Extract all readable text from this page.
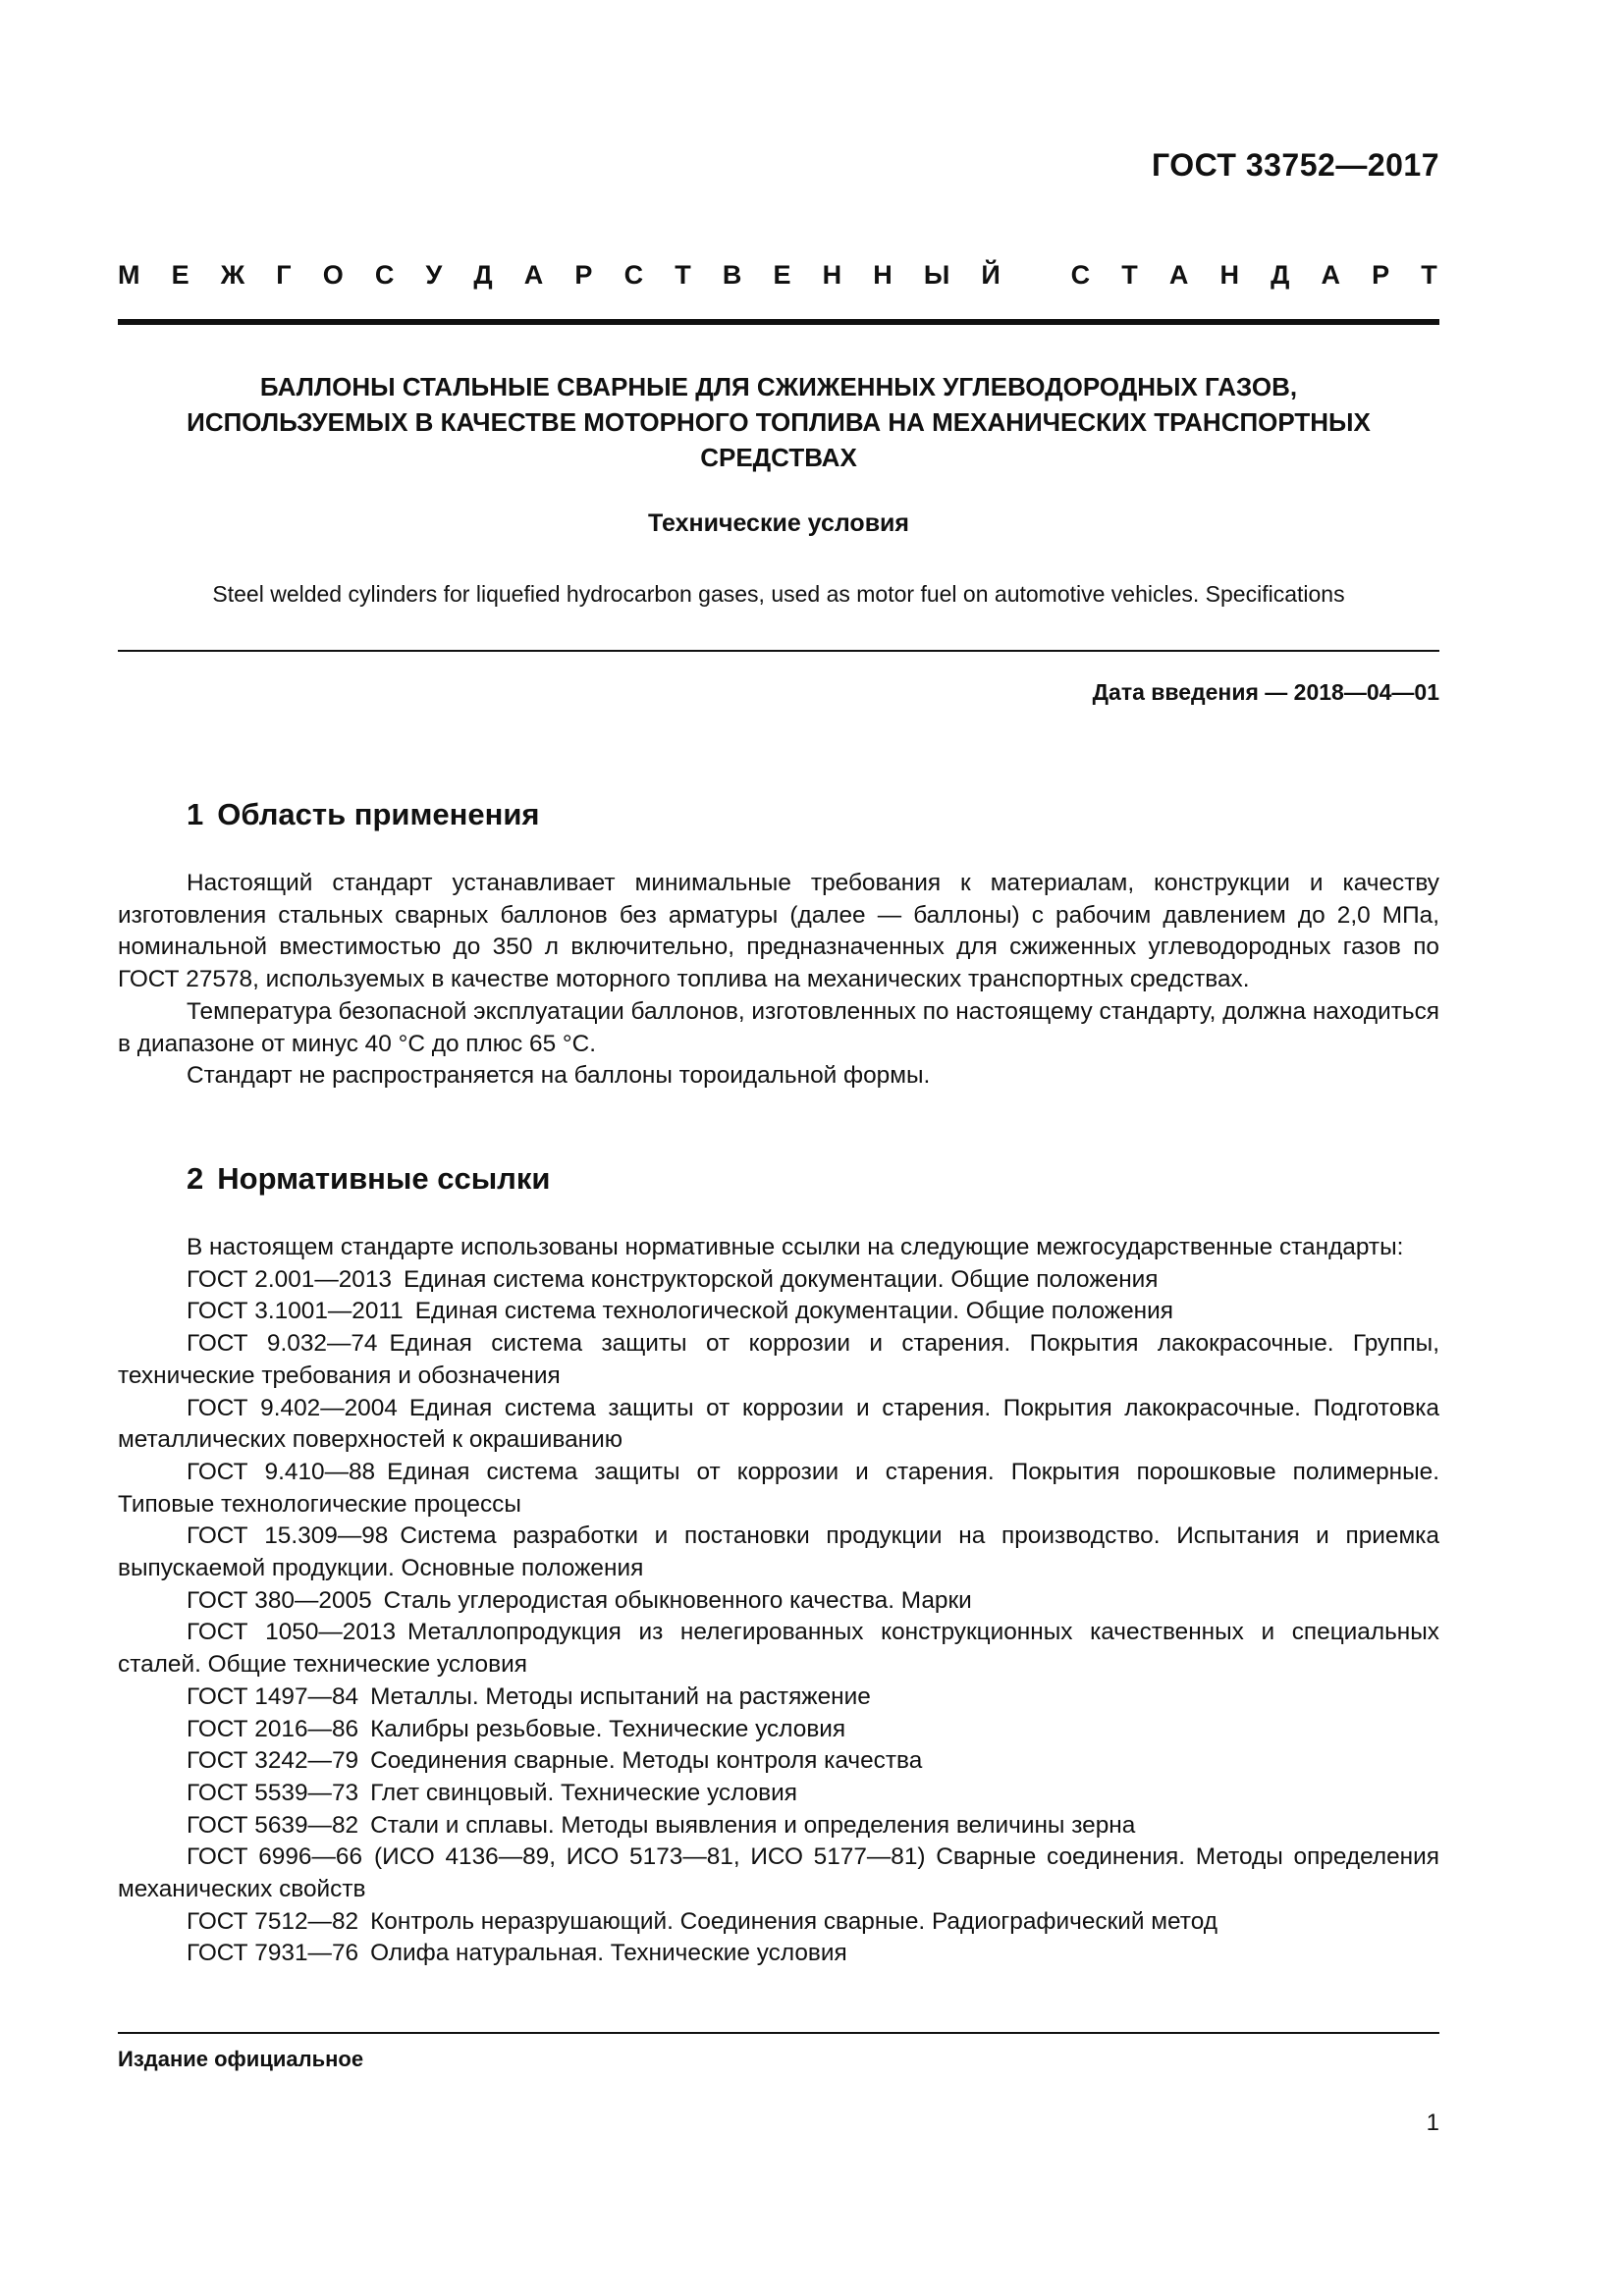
ГОСТ 33752—2017
М Е Ж Г О С У Д А Р С Т В Е Н Н Ы Й	С Т А Н Д А Р Т
БАЛЛОНЫ СТАЛЬНЫЕ СВАРНЫЕ ДЛЯ СЖИЖЕННЫХ УГЛЕВОДОРОДНЫХ ГАЗОВ,
ИСПОЛЬЗУЕМЫХ В КАЧЕСТВЕ МОТОРНОГО ТОПЛИВА НА МЕХАНИЧЕСКИХ ТРАНСПОРТНЫХ
СРЕДСТВАХ
Технические условия
Steel welded cylinders for liquefied hydrocarbon gases, used as motor fuel on automotive vehicles. Specifications
Дата введения — 2018—04—01
1 Область применения

Настоящий стандарт устанавливает минимальные требования к материалам, конструкции и качеству изготовления стальных сварных баллонов без арматуры (далее — баллоны) с рабочим давлением до 2,0 МПа, номинальной вместимостью до 350 л включительно, предназначенных для сжиженных углеводородных газов по ГОСТ 27578, используемых в качестве моторного топлива на механических транспортных средствах.

Температура безопасной эксплуатации баллонов, изготовленных по настоящему стандарту, должна находиться в диапазоне от минус 40 °С до плюс 65 °С.

Стандарт не распространяется на баллоны тороидальной формы.

2 Нормативные ссылки

В настоящем стандарте использованы нормативные ссылки на следующие межгосударственные стандарты:

ГОСТ 2.001—2013 Единая система конструкторской документации. Общие положения

ГОСТ 3.1001—2011 Единая система технологической документации. Общие положения

ГОСТ 9.032—74 Единая система защиты от коррозии и старения. Покрытия лакокрасочные. Группы, технические требования и обозначения

ГОСТ 9.402—2004 Единая система защиты от коррозии и старения. Покрытия лакокрасочные. Подготовка металлических поверхностей к окрашиванию

ГОСТ 9.410—88 Единая система защиты от коррозии и старения. Покрытия порошковые полимерные. Типовые технологические процессы

ГОСТ 15.309—98 Система разработки и постановки продукции на производство. Испытания и приемка выпускаемой продукции. Основные положения

ГОСТ 380—2005 Сталь углеродистая обыкновенного качества. Марки

ГОСТ 1050—2013 Металлопродукция из нелегированных конструкционных качественных и специальных сталей. Общие технические условия

ГОСТ 1497—84 Металлы. Методы испытаний на растяжение

ГОСТ 2016—86 Калибры резьбовые. Технические условия

ГОСТ 3242—79 Соединения сварные. Методы контроля качества

ГОСТ 5539—73 Глет свинцовый. Технические условия

ГОСТ 5639—82 Стали и сплавы. Методы выявления и определения величины зерна

ГОСТ 6996—66 (ИСО 4136—89, ИСО 5173—81, ИСО 5177—81) Сварные соединения. Методы определения механических свойств

ГОСТ 7512—82 Контроль неразрушающий. Соединения сварные. Радиографический метод

ГОСТ 7931—76 Олифа натуральная. Технические условия

Издание официальное
1
